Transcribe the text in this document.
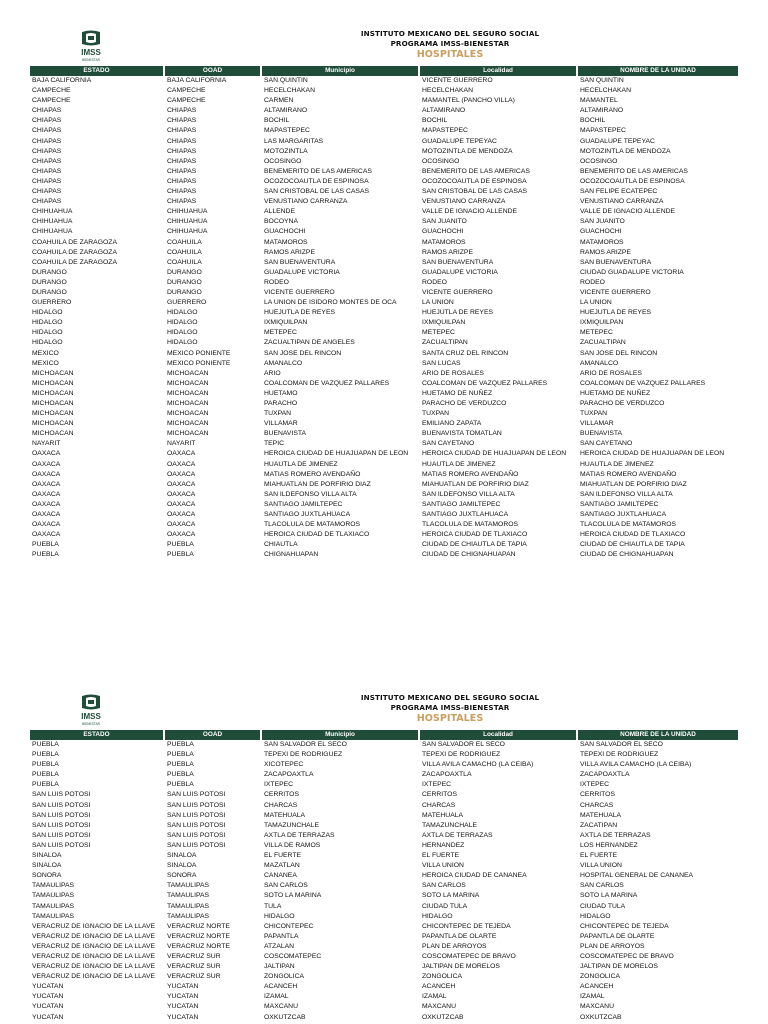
IMSS
BIENESTAR
INSTITUTO MEXICANO DEL SEGURO SOCIAL
PROGRAMA IMSS-BIENESTAR
HOSPITALES
ESTADO	OOAD	Municipio	Localidad	NOMBRE DE LA UNIDAD
BAJA CALIFORNIA	BAJA CALIFORNIA	SAN QUINTIN	VICENTE GUERRERO	SAN QUINTIN
CAMPECHE	CAMPECHE	HECELCHAKAN	HECELCHAKAN	HECELCHAKAN
CAMPECHE	CAMPECHE	CARMEN	MAMANTEL (PANCHO VILLA)	MAMANTEL
CHIAPAS	CHIAPAS	ALTAMIRANO	ALTAMIRANO	ALTAMIRANO
CHIAPAS	CHIAPAS	BOCHIL	BOCHIL	BOCHIL
CHIAPAS	CHIAPAS	MAPASTEPEC	MAPASTEPEC	MAPASTEPEC
CHIAPAS	CHIAPAS	LAS MARGARITAS	GUADALUPE TEPEYAC	GUADALUPE TEPEYAC
CHIAPAS	CHIAPAS	MOTOZINTLA	MOTOZINTLA DE MENDOZA	MOTOZINTLA DE MENDOZA
CHIAPAS	CHIAPAS	OCOSINGO	OCOSINGO	OCOSINGO
CHIAPAS	CHIAPAS	BENEMERITO DE LAS AMERICAS	BENEMERITO DE LAS AMERICAS	BENEMERITO DE LAS AMERICAS
CHIAPAS	CHIAPAS	OCOZOCOAUTLA DE ESPINOSA	OCOZOCOAUTLA DE ESPINOSA	OCOZOCOAUTLA DE ESPINOSA
CHIAPAS	CHIAPAS	SAN CRISTOBAL DE LAS CASAS	SAN CRISTOBAL DE LAS CASAS	SAN FELIPE ECATEPEC
CHIAPAS	CHIAPAS	VENUSTIANO CARRANZA	VENUSTIANO CARRANZA	VENUSTIANO CARRANZA
CHIHUAHUA	CHIHUAHUA	ALLENDE	VALLE DE IGNACIO ALLENDE	VALLE DE IGNACIO ALLENDE
CHIHUAHUA	CHIHUAHUA	BOCOYNA	SAN JUANITO	SAN JUANITO
CHIHUAHUA	CHIHUAHUA	GUACHOCHI	GUACHOCHI	GUACHOCHI
COAHUILA DE ZARAGOZA	COAHUILA	MATAMOROS	MATAMOROS	MATAMOROS
COAHUILA DE ZARAGOZA	COAHUILA	RAMOS ARIZPE	RAMOS ARIZPE	RAMOS ARIZPE
COAHUILA DE ZARAGOZA	COAHUILA	SAN BUENAVENTURA	SAN BUENAVENTURA	SAN BUENAVENTURA
DURANGO	DURANGO	GUADALUPE VICTORIA	GUADALUPE VICTORIA	CIUDAD GUADALUPE VICTORIA
DURANGO	DURANGO	RODEO	RODEO	RODEO
DURANGO	DURANGO	VICENTE GUERRERO	VICENTE GUERRERO	VICENTE GUERRERO
GUERRERO	GUERRERO	LA UNION DE ISIDORO MONTES DE OCA	LA UNION	LA UNION
HIDALGO	HIDALGO	HUEJUTLA DE REYES	HUEJUTLA DE REYES	HUEJUTLA DE REYES
HIDALGO	HIDALGO	IXMIQUILPAN	IXMIQUILPAN	IXMIQUILPAN
HIDALGO	HIDALGO	METEPEC	METEPEC	METEPEC
HIDALGO	HIDALGO	ZACUALTIPAN DE ANGELES	ZACUALTIPAN	ZACUALTIPAN
MEXICO	MEXICO PONIENTE	SAN JOSE DEL RINCON	SANTA CRUZ DEL RINCON	SAN JOSE DEL RINCON
MEXICO	MEXICO PONIENTE	AMANALCO	SAN LUCAS	AMANALCO
MICHOACAN	MICHOACAN	ARIO	ARIO DE ROSALES	ARIO DE ROSALES
MICHOACAN	MICHOACAN	COALCOMAN DE VAZQUEZ PALLARES	COALCOMAN DE VAZQUEZ PALLARES	COALCOMAN DE VAZQUEZ PALLARES
MICHOACAN	MICHOACAN	HUETAMO	HUETAMO DE NUÑEZ	HUETAMO DE NUÑEZ
MICHOACAN	MICHOACAN	PARACHO	PARACHO DE VERDUZCO	PARACHO DE VERDUZCO
MICHOACAN	MICHOACAN	TUXPAN	TUXPAN	TUXPAN
MICHOACAN	MICHOACAN	VILLAMAR	EMILIANO ZAPATA	VILLAMAR
MICHOACAN	MICHOACAN	BUENAVISTA	BUENAVISTA TOMATLAN	BUENAVISTA
NAYARIT	NAYARIT	TEPIC	SAN CAYETANO	SAN CAYETANO
OAXACA	OAXACA	HEROICA CIUDAD DE HUAJUAPAN DE LEON	HEROICA CIUDAD DE HUAJUAPAN DE LEON	HEROICA CIUDAD DE HUAJUAPAN DE LEON
OAXACA	OAXACA	HUAUTLA DE JIMENEZ	HUAUTLA DE JIMENEZ	HUAUTLA DE JIMENEZ
OAXACA	OAXACA	MATIAS ROMERO AVENDAÑO	MATIAS ROMERO AVENDAÑO	MATIAS ROMERO AVENDAÑO
OAXACA	OAXACA	MIAHUATLAN DE PORFIRIO DIAZ	MIAHUATLAN DE PORFIRIO DIAZ	MIAHUATLAN DE PORFIRIO DIAZ
OAXACA	OAXACA	SAN ILDEFONSO VILLA ALTA	SAN ILDEFONSO VILLA ALTA	SAN ILDEFONSO VILLA ALTA
OAXACA	OAXACA	SANTIAGO JAMILTEPEC	SANTIAGO JAMILTEPEC	SANTIAGO JAMILTEPEC
OAXACA	OAXACA	SANTIAGO JUXTLAHUACA	SANTIAGO JUXTLAHUACA	SANTIAGO JUXTLAHUACA
OAXACA	OAXACA	TLACOLULA DE MATAMOROS	TLACOLULA DE MATAMOROS	TLACOLULA DE MATAMOROS
OAXACA	OAXACA	HEROICA CIUDAD DE TLAXIACO	HEROICA CIUDAD DE TLAXIACO	HEROICA CIUDAD DE TLAXIACO
PUEBLA	PUEBLA	CHIAUTLA	CIUDAD DE CHIAUTLA DE TAPIA	CIUDAD DE CHIAUTLA DE TAPIA
PUEBLA	PUEBLA	CHIGNAHUAPAN	CIUDAD DE CHIGNAHUAPAN	CIUDAD DE CHIGNAHUAPAN
IMSS
BIENESTAR
INSTITUTO MEXICANO DEL SEGURO SOCIAL
PROGRAMA IMSS-BIENESTAR
HOSPITALES
ESTADO	OOAD	Municipio	Localidad	NOMBRE DE LA UNIDAD
PUEBLA	PUEBLA	SAN SALVADOR EL SECO	SAN SALVADOR EL SECO	SAN SALVADOR EL SECO
PUEBLA	PUEBLA	TEPEXI DE RODRIGUEZ	TEPEXI DE RODRIGUEZ	TEPEXI DE RODRIGUEZ
PUEBLA	PUEBLA	XICOTEPEC	VILLA AVILA CAMACHO (LA CEIBA)	VILLA AVILA CAMACHO (LA CEIBA)
PUEBLA	PUEBLA	ZACAPOAXTLA	ZACAPOAXTLA	ZACAPOAXTLA
PUEBLA	PUEBLA	IXTEPEC	IXTEPEC	IXTEPEC
SAN LUIS POTOSI	SAN LUIS POTOSI	CERRITOS	CERRITOS	CERRITOS
SAN LUIS POTOSI	SAN LUIS POTOSI	CHARCAS	CHARCAS	CHARCAS
SAN LUIS POTOSI	SAN LUIS POTOSI	MATEHUALA	MATEHUALA	MATEHUALA
SAN LUIS POTOSI	SAN LUIS POTOSI	TAMAZUNCHALE	TAMAZUNCHALE	ZACATIPAN
SAN LUIS POTOSI	SAN LUIS POTOSI	AXTLA DE TERRAZAS	AXTLA DE TERRAZAS	AXTLA DE TERRAZAS
SAN LUIS POTOSI	SAN LUIS POTOSI	VILLA DE RAMOS	HERNANDEZ	LOS HERNANDEZ
SINALOA	SINALOA	EL FUERTE	EL FUERTE	EL FUERTE
SINALOA	SINALOA	MAZATLAN	VILLA UNION	VILLA UNION
SONORA	SONORA	CANANEA	HEROICA CIUDAD DE CANANEA	HOSPITAL GENERAL DE CANANEA
TAMAULIPAS	TAMAULIPAS	SAN CARLOS	SAN CARLOS	SAN CARLOS
TAMAULIPAS	TAMAULIPAS	SOTO LA MARINA	SOTO LA MARINA	SOTO LA MARINA
TAMAULIPAS	TAMAULIPAS	TULA	CIUDAD TULA	CIUDAD TULA
TAMAULIPAS	TAMAULIPAS	HIDALGO	HIDALGO	HIDALGO
VERACRUZ DE IGNACIO DE LA LLAVE	VERACRUZ NORTE	CHICONTEPEC	CHICONTEPEC DE TEJEDA	CHICONTEPEC DE TEJEDA
VERACRUZ DE IGNACIO DE LA LLAVE	VERACRUZ NORTE	PAPANTLA	PAPANTLA DE OLARTE	PAPANTLA DE OLARTE
VERACRUZ DE IGNACIO DE LA LLAVE	VERACRUZ NORTE	ATZALAN	PLAN DE ARROYOS	PLAN DE ARROYOS
VERACRUZ DE IGNACIO DE LA LLAVE	VERACRUZ SUR	COSCOMATEPEC	COSCOMATEPEC DE BRAVO	COSCOMATEPEC DE BRAVO
VERACRUZ DE IGNACIO DE LA LLAVE	VERACRUZ SUR	JALTIPAN	JALTIPAN DE MORELOS	JALTIPAN DE MORELOS
VERACRUZ DE IGNACIO DE LA LLAVE	VERACRUZ SUR	ZONGOLICA	ZONGOLICA	ZONGOLICA
YUCATAN	YUCATAN	ACANCEH	ACANCEH	ACANCEH
YUCATAN	YUCATAN	IZAMAL	IZAMAL	IZAMAL
YUCATAN	YUCATAN	MAXCANU	MAXCANU	MAXCANU
YUCATAN	YUCATAN	OXKUTZCAB	OXKUTZCAB	OXKUTZCAB
